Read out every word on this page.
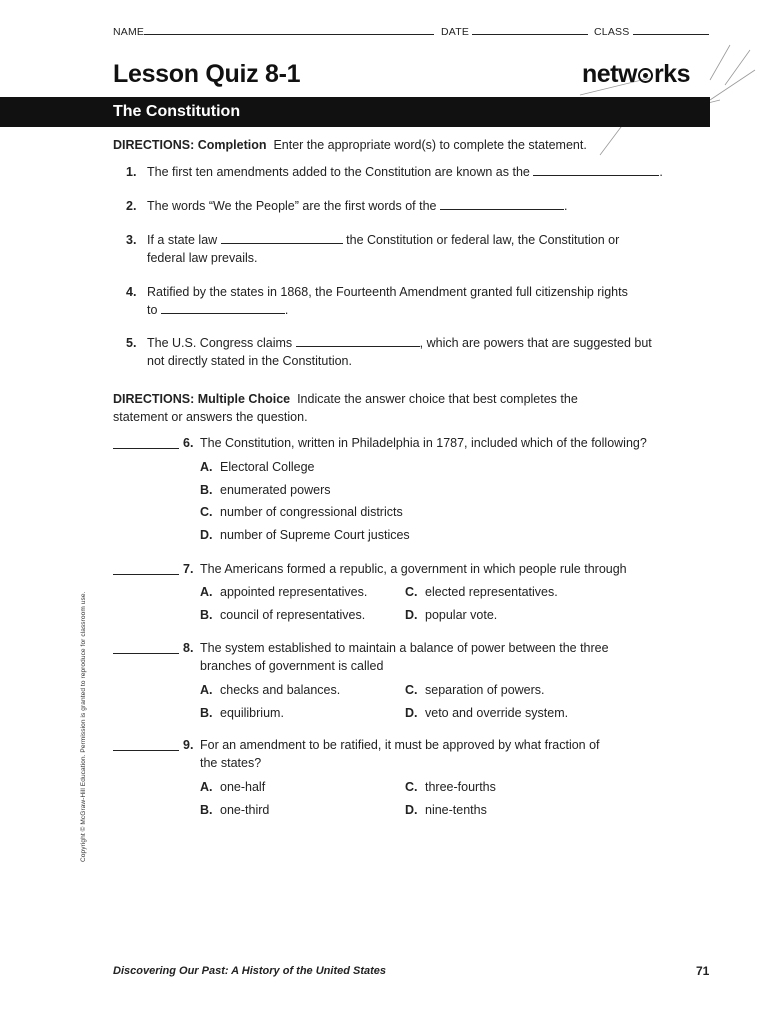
NAME	DATE	CLASS
Lesson Quiz 8-1	netw rks
The Constitution
DIRECTIONS: Completion Enter the appropriate word(s) to complete the statement.
1. The first ten amendments added to the Constitution are known as the	.
2. The words “We the People” are the first words of the	.
3. If a state law	the Constitution or federal law, the Constitution or
federal law prevails.
4. Ratified by the states in 1868, the Fourteenth Amendment granted full citizenship rights
to	.
5. The U.S. Congress claims	, which are powers that are suggested but
not directly stated in the Constitution.
DIRECTIONS: Multiple Choice Indicate the answer choice that best completes the
statement or answers the question.
6. The Constitution, written in Philadelphia in 1787, included which of the following?
A. Electoral College
B. enumerated powers
C. number of congressional districts
D. number of Supreme Court justices
7. The Americans formed a republic, a government in which people rule through
A. appointed representatives.
B. council of representatives.
C. elected representatives.
D. popular vote.
8. The system established to maintain a balance of power between the three
branches of government is called
A. checks and balances.
B. equilibrium.
C. separation of powers.
D. veto and override system.
9. For an amendment to be ratified, it must be approved by what fraction of
the states?
A. one-half
B. one-third
C. three-fourths
D. nine-tenths
Copyright © McGraw-Hill Education. Permission is granted to reproduce for classroom use.
Discovering Our Past: A History of the United States	71
